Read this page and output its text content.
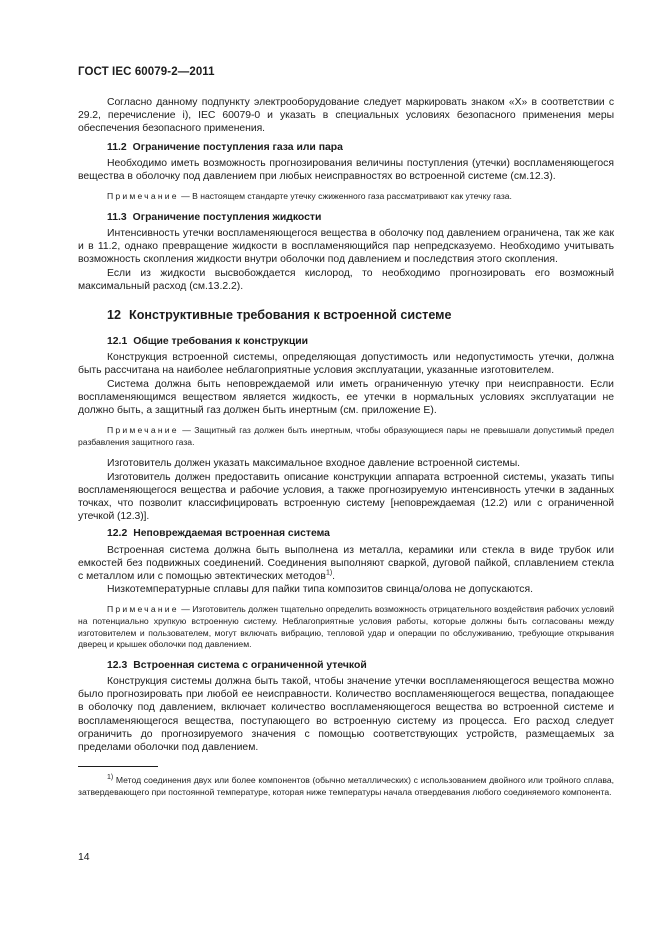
ГОСТ IEC 60079-2—2011

Согласно данному подпункту электрооборудование следует маркировать знаком «X» в соответствии с 29.2, перечисление i), IEC 60079-0 и указать в специальных условиях безопасного применения меры обеспечения безопасного применения.

11.2 Ограничение поступления газа или пара

Необходимо иметь возможность прогнозирования величины поступления (утечки) воспламеняющегося вещества в оболочку под давлением при любых неисправностях во встроенной системе (см.12.3).

Примечание — В настоящем стандарте утечку сжиженного газа рассматривают как утечку газа.

11.3 Ограничение поступления жидкости

Интенсивность утечки воспламеняющегося вещества в оболочку под давлением ограничена, так же как и в 11.2, однако превращение жидкости в воспламеняющийся пар непредсказуемо. Необходимо учитывать возможность скопления жидкости внутри оболочки под давлением и последствия этого скопления.

Если из жидкости высвобождается кислород, то необходимо прогнозировать его возможный максимальный расход (см.13.2.2).

12 Конструктивные требования к встроенной системе
12.1 Общие требования к конструкции

Конструкция встроенной системы, определяющая допустимость или недопустимость утечки, должна быть рассчитана на наиболее неблагоприятные условия эксплуатации, указанные изготовителем.

Система должна быть неповреждаемой или иметь ограниченную утечку при неисправности. Если воспламеняющимся веществом является жидкость, ее утечки в нормальных условиях эксплуатации не должно быть, а защитный газ должен быть инертным (см. приложение Е).

Примечание — Защитный газ должен быть инертным, чтобы образующиеся пары не превышали допустимый предел разбавления защитного газа.

Изготовитель должен указать максимальное входное давление встроенной системы.

Изготовитель должен предоставить описание конструкции аппарата встроенной системы, указать типы воспламеняющегося вещества и рабочие условия, а также прогнозируемую интенсивность утечки в заданных точках, что позволит классифицировать встроенную систему [неповреждаемая (12.2) или с ограниченной утечкой (12.3)].

12.2 Неповреждаемая встроенная система

Встроенная система должна быть выполнена из металла, керамики или стекла в виде трубок или емкостей без подвижных соединений. Соединения выполняют сваркой, дуговой пайкой, сплавлением стекла с металлом или с помощью эвтектических методов$^{1)}$.

Низкотемпературные сплавы для пайки типа композитов свинца/олова не допускаются.

Примечание — Изготовитель должен тщательно определить возможность отрицательного воздействия рабочих условий на потенциально хрупкую встроенную систему. Неблагоприятные условия работы, которые должны быть согласованы между изготовителем и пользователем, могут включать вибрацию, тепловой удар и операции по обслуживанию, требующие открывания дверец и крышек оболочки под давлением.

12.3 Встроенная система с ограниченной утечкой

Конструкция системы должна быть такой, чтобы значение утечки воспламеняющегося вещества можно было прогнозировать при любой ее неисправности. Количество воспламеняющегося вещества, попадающее в оболочку под давлением, включает количество воспламеняющегося вещества во встроенной системе и воспламеняющегося вещества, поступающего во встроенную систему из процесса. Его расход следует ограничить до прогнозируемого значения с помощью соответствующих устройств, размещаемых за пределами оболочки под давлением.

$^{1)}$ Метод соединения двух или более компонентов (обычно металлических) с использованием двойного или тройного сплава, затвердевающего при постоянной температуре, которая ниже температуры начала отвердевания любого соединяемого компонента.

14
